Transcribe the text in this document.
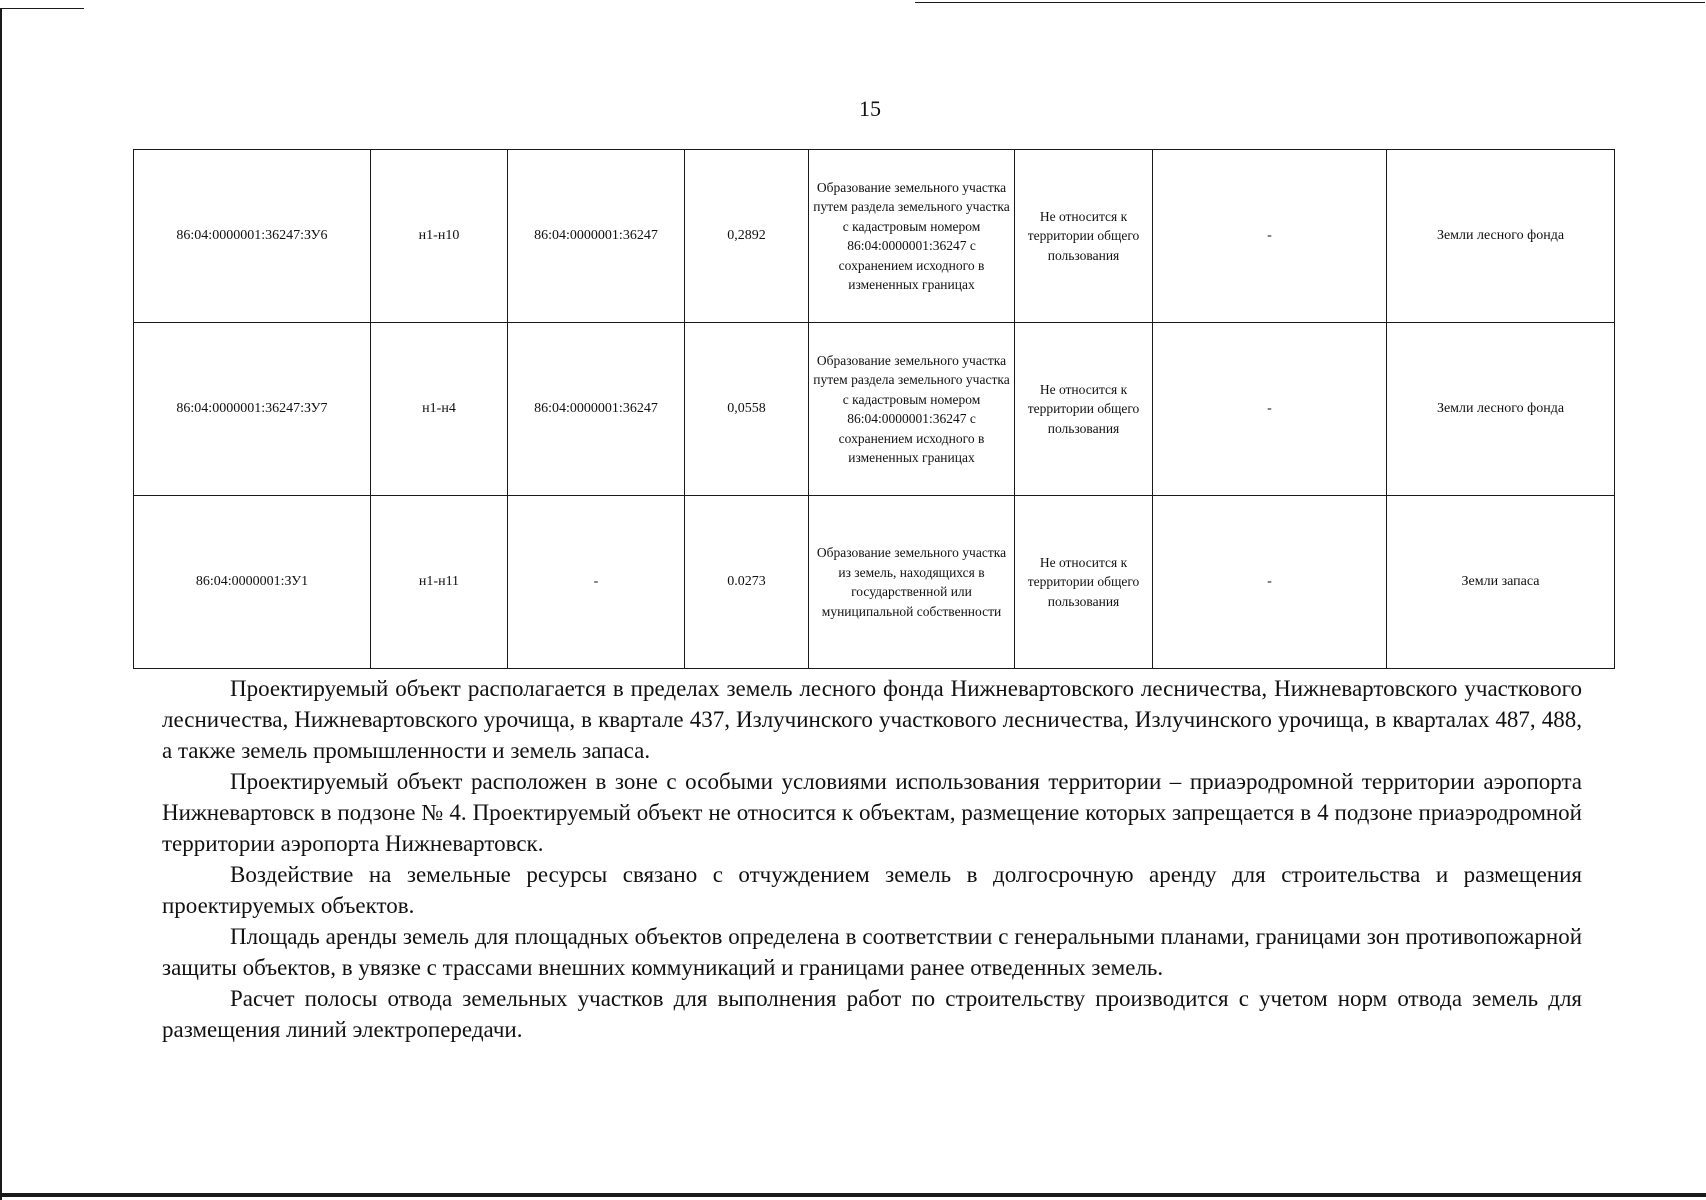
15
86:04:0000001:36247:ЗУ6	н1-н10	86:04:0000001:36247	0,2892	Образование земельного участка путем раздела земельного участка с кадастровым номером 86:04:0000001:36247 с сохранением исходного в измененных границах	Не относится к территории общего пользования	-	Земли лесного фонда
86:04:0000001:36247:ЗУ7	н1-н4	86:04:0000001:36247	0,0558	Образование земельного участка путем раздела земельного участка с кадастровым номером 86:04:0000001:36247 с сохранением исходного в измененных границах	Не относится к территории общего пользования	-	Земли лесного фонда
86:04:0000001:ЗУ1	н1-н11	-	0.0273	Образование земельного участка из земель, находящихся в государственной или муниципальной собственности	Не относится к территории общего пользования	-	Земли запаса

Проектируемый объект располагается в пределах земель лесного фонда Нижневартовского лесничества, Нижневартовского участкового лесничества, Нижневартовского урочища, в квартале 437, Излучинского участкового лесничества, Излучинского урочища, в кварталах 487, 488, а также земель промышленности и земель запаса.

Проектируемый объект расположен в зоне с особыми условиями использования территории – приаэродромной территории аэропорта Нижневартовск в подзоне № 4. Проектируемый объект не относится к объектам, размещение которых запрещается в 4 подзоне приаэродромной территории аэропорта Нижневартовск.

Воздействие на земельные ресурсы связано с отчуждением земель в долгосрочную аренду для строительства и размещения проектируемых объектов.

Площадь аренды земель для площадных объектов определена в соответствии с генеральными планами, границами зон противопожарной защиты объектов, в увязке с трассами внешних коммуникаций и границами ранее отведенных земель.

Расчет полосы отвода земельных участков для выполнения работ по строительству производится с учетом норм отвода земель для размещения линий электропередачи.
